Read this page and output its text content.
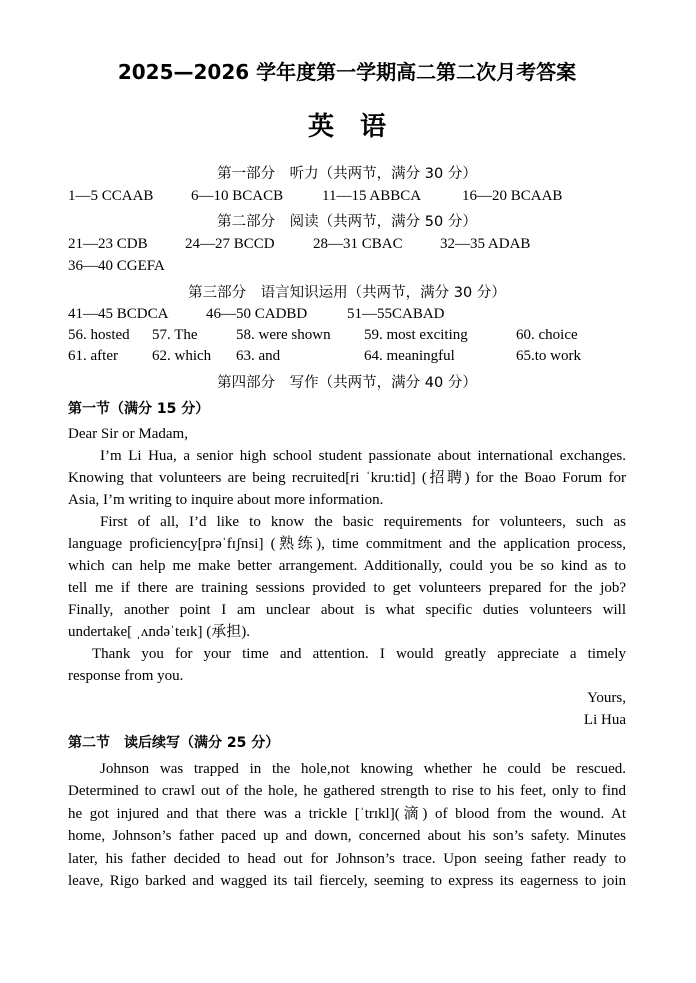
2025—2026 学年度第一学期高二第二次月考答案
英　语
第一部分　听力（共两节，满分 30 分）
1—5 CCAAB	6—10 BCACB	11—15 ABBCA	16—20 BCAAB
第二部分　阅读（共两节，满分 50 分）
21—23 CDB	24—27 BCCD	28—31 CBAC	32—35 ADAB
36—40 CGEFA
第三部分　语言知识运用（共两节，满分 30 分）
41—45 BCDCA	46—50 CADBD	51—55CABAD
56. hosted	57. The	58. were shown	59. most exciting	60. choice
61. after	62. which	63. and	64. meaningful	65.to work
第四部分　写作（共两节，满分 40 分）
第一节（满分 15 分）
Dear Sir or Madam,
I’m Li Hua, a senior high school student passionate about international exchanges.
Knowing that volunteers are being recruited[ri ˈkru:tid] (招聘) for the Boao Forum for
Asia, I’m writing to inquire about more information.
First of all, I’d like to know the basic requirements for volunteers, such as
language proficiency[prəˈfɪʃnsi] (熟练), time commitment and the application process,
which can help me make better arrangement. Additionally, could you be so kind as to
tell me if there are training sessions provided to get volunteers prepared for the job?
Finally, another point I am unclear about is what specific duties volunteers will
undertake[ ˌʌndəˈteɪk] (承担).
Thank you for your time and attention. I would greatly appreciate a timely
response from you.
Yours,
Li Hua
第二节　读后续写（满分 25 分）
Johnson was trapped in the hole,not knowing whether he could be rescued.
Determined to crawl out of the hole, he gathered strength to rise to his feet, only to find
he got injured and that there was a trickle [ˈtrɪkl](滴) of blood from the wound. At
home, Johnson’s father paced up and down, concerned about his son’s safety. Minutes
later, his father decided to head out for Johnson’s trace. Upon seeing father ready to
leave, Rigo barked and wagged its tail fiercely, seeming to express its eagerness to join
